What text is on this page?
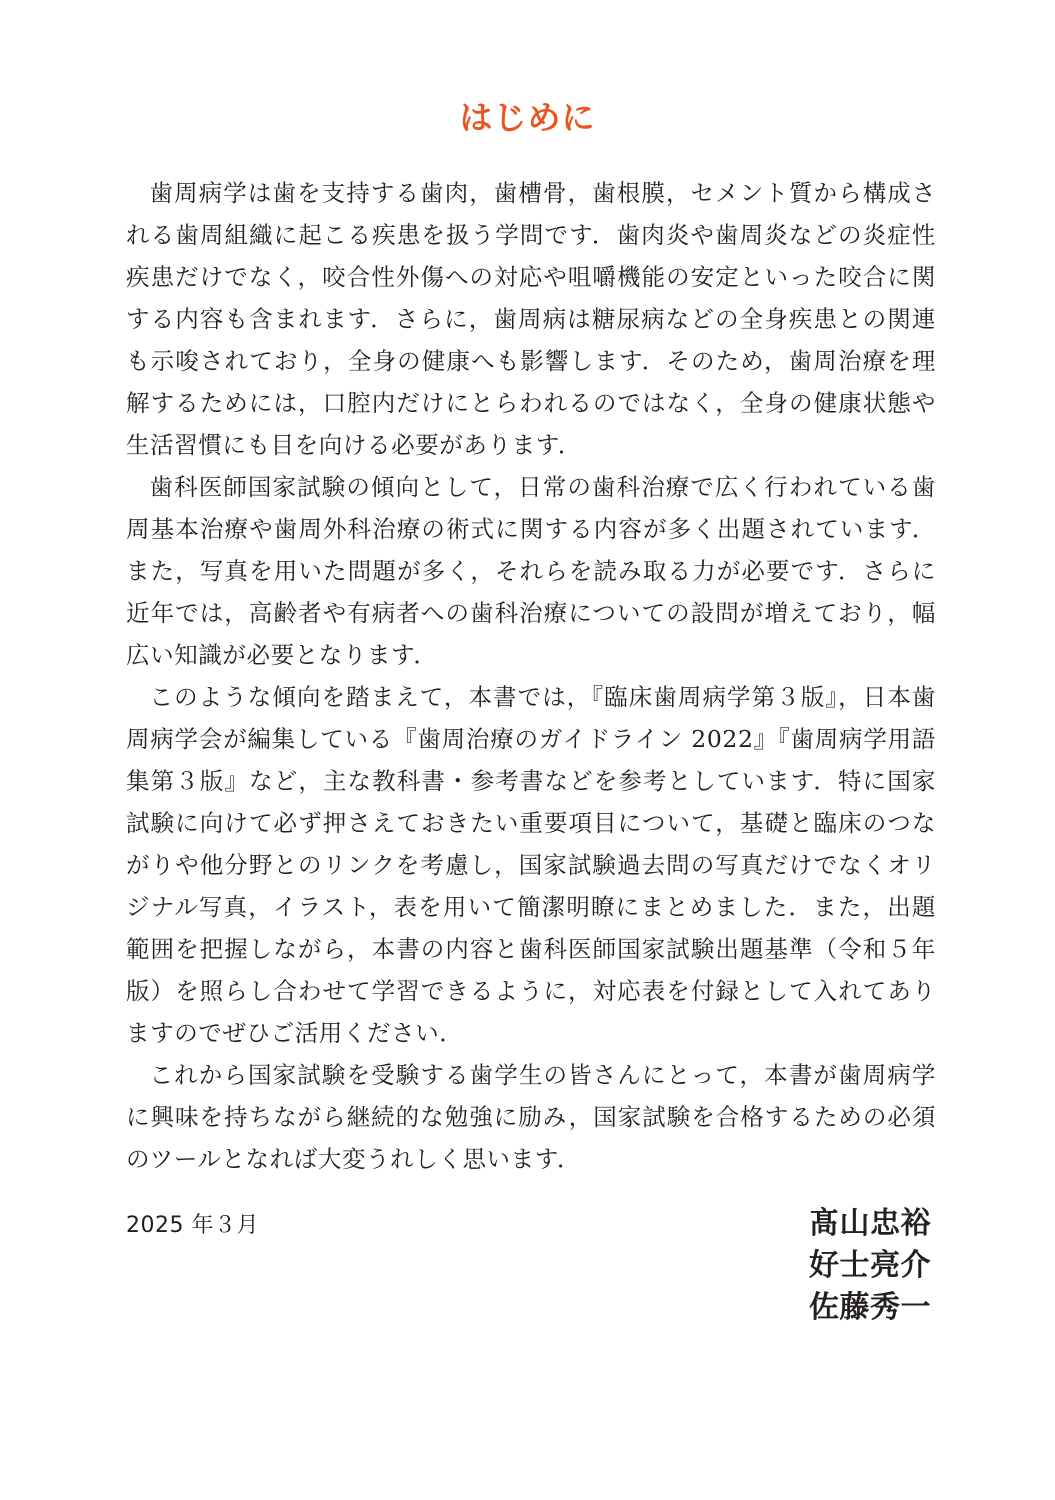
はじめに

歯周病学は歯を支持する歯肉，歯槽骨，歯根膜，セメント質から構成される歯周組織に起こる疾患を扱う学問です．歯肉炎や歯周炎などの炎症性疾患だけでなく，咬合性外傷への対応や咀嚼機能の安定といった咬合に関する内容も含まれます．さらに，歯周病は糖尿病などの全身疾患との関連も示唆されており，全身の健康へも影響します．そのため，歯周治療を理解するためには，口腔内だけにとらわれるのではなく，全身の健康状態や生活習慣にも目を向ける必要があります．

歯科医師国家試験の傾向として，日常の歯科治療で広く行われている歯周基本治療や歯周外科治療の術式に関する内容が多く出題されています．また，写真を用いた問題が多く，それらを読み取る力が必要です．さらに近年では，高齢者や有病者への歯科治療についての設問が増えており，幅広い知識が必要となります．

このような傾向を踏まえて，本書では，『臨床歯周病学第３版』，日本歯周病学会が編集している『歯周治療のガイドライン 2022』『歯周病学用語集第３版』など，主な教科書・参考書などを参考としています．特に国家試験に向けて必ず押さえておきたい重要項目について，基礎と臨床のつながりや他分野とのリンクを考慮し，国家試験過去問の写真だけでなくオリジナル写真，イラスト，表を用いて簡潔明瞭にまとめました．また，出題範囲を把握しながら，本書の内容と歯科医師国家試験出題基準（令和５年版）を照らし合わせて学習できるように，対応表を付録として入れてありますのでぜひご活用ください．

これから国家試験を受験する歯学生の皆さんにとって，本書が歯周病学に興味を持ちながら継続的な勉強に励み，国家試験を合格するための必須のツールとなれば大変うれしく思います．

2025 年３月	髙山忠裕
好士亮介
佐藤秀一
